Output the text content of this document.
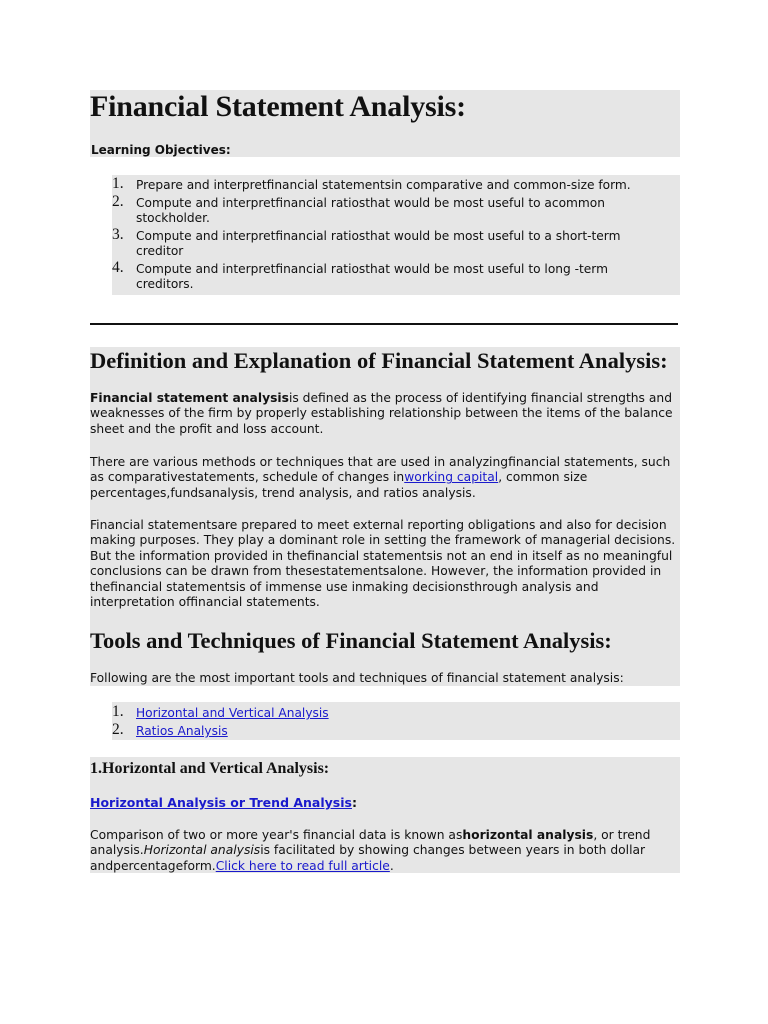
Financial Statement Analysis:
Learning Objectives:
1. Prepare and interpretfinancial statementsin comparative and common-size form.
2. Compute and interpretfinancial ratiosthat would be most useful to acommon stockholder.
3. Compute and interpretfinancial ratiosthat would be most useful to a short-term creditor
4. Compute and interpretfinancial ratiosthat would be most useful to long -term creditors.
Definition and Explanation of Financial Statement Analysis:

Financial statement analysisis defined as the process of identifying financial strengths and weaknesses of the firm by properly establishing relationship between the items of the balance sheet and the profit and loss account.

There are various methods or techniques that are used in analyzingfinancial statements, such as comparativestatements, schedule of changes inworking capital, common size percentages,fundsanalysis, trend analysis, and ratios analysis.

Financial statementsare prepared to meet external reporting obligations and also for decision making purposes. They play a dominant role in setting the framework of managerial decisions. But the information provided in thefinancial statementsis not an end in itself as no meaningful conclusions can be drawn from thesestatementsalone. However, the information provided in thefinancial statementsis of immense use inmaking decisionsthrough analysis and interpretation offinancial statements.

Tools and Techniques of Financial Statement Analysis:

Following are the most important tools and techniques of financial statement analysis:

1. Horizontal and Vertical Analysis
2. Ratios Analysis
1.Horizontal and Vertical Analysis:

Horizontal Analysis or Trend Analysis:

Comparison of two or more year's financial data is known ashorizontal analysis, or trend analysis.Horizontal analysisis facilitated by showing changes between years in both dollar andpercentageform.Click here to read full article.
